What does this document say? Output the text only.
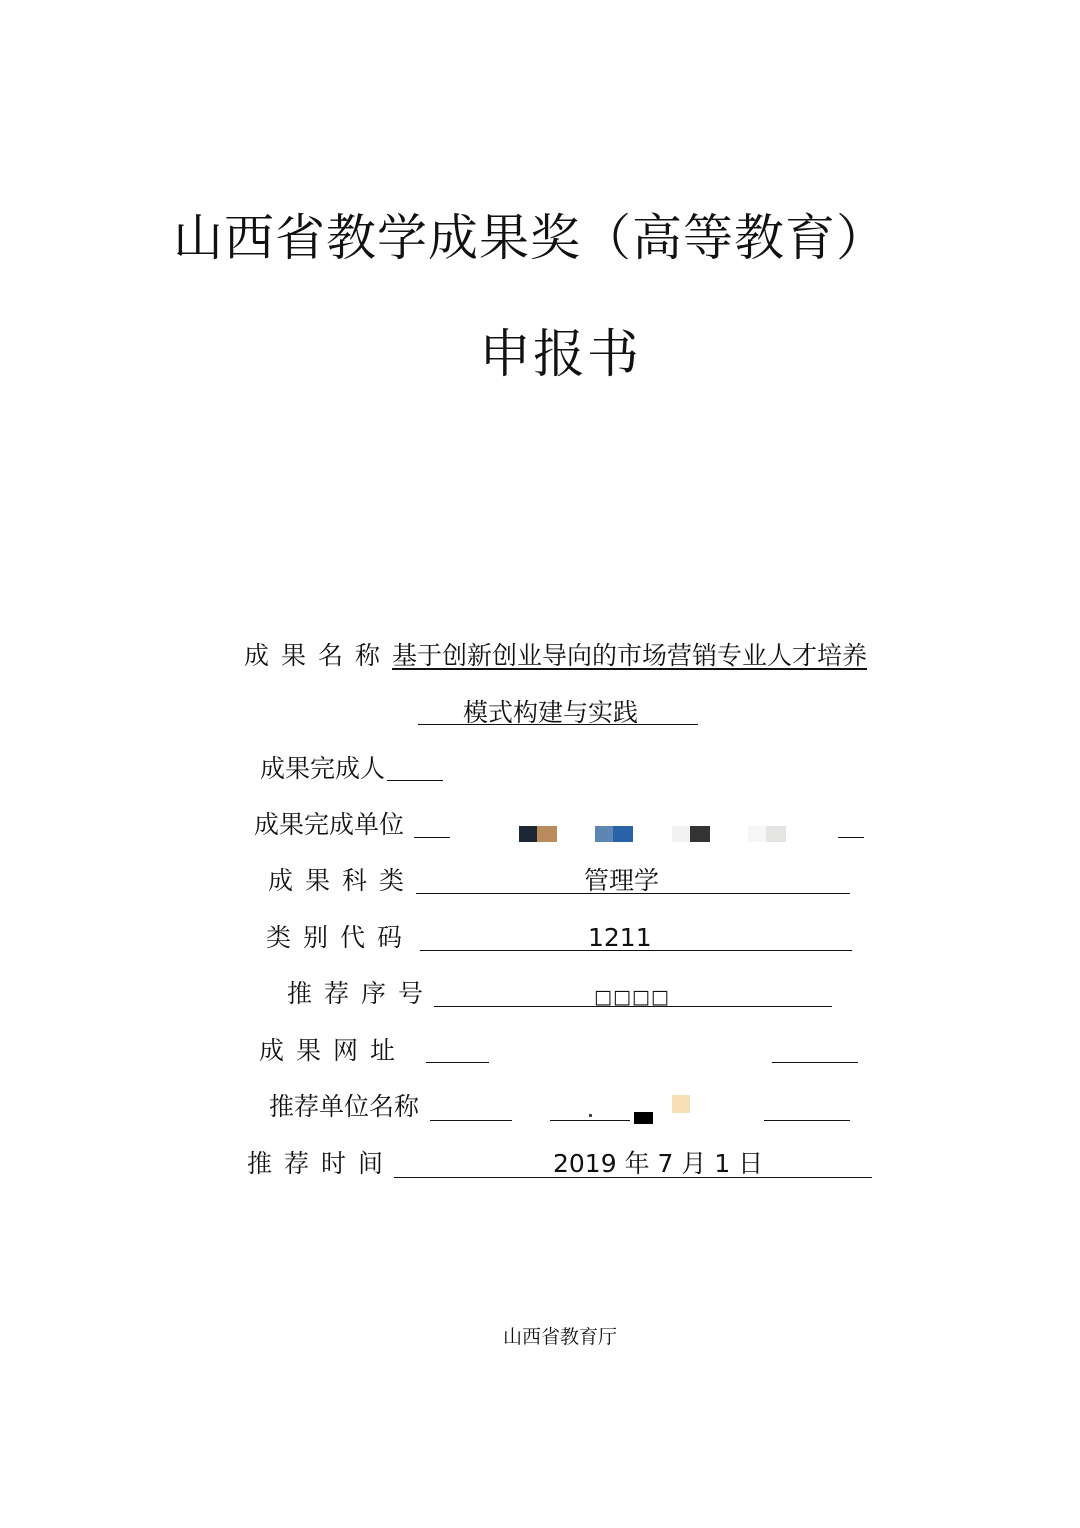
山西省教学成果奖（高等教育）
申报书
成果名称 基于创新创业导向的市场营销专业人才培养
模式构建与实践
成果完成人
成果完成单位
成果科类	管理学
类别代码	1211
推荐序号	□□□□
成果网址
推荐单位名称
推荐时间	2019 年 7 月 1 日
山西省教育厅
